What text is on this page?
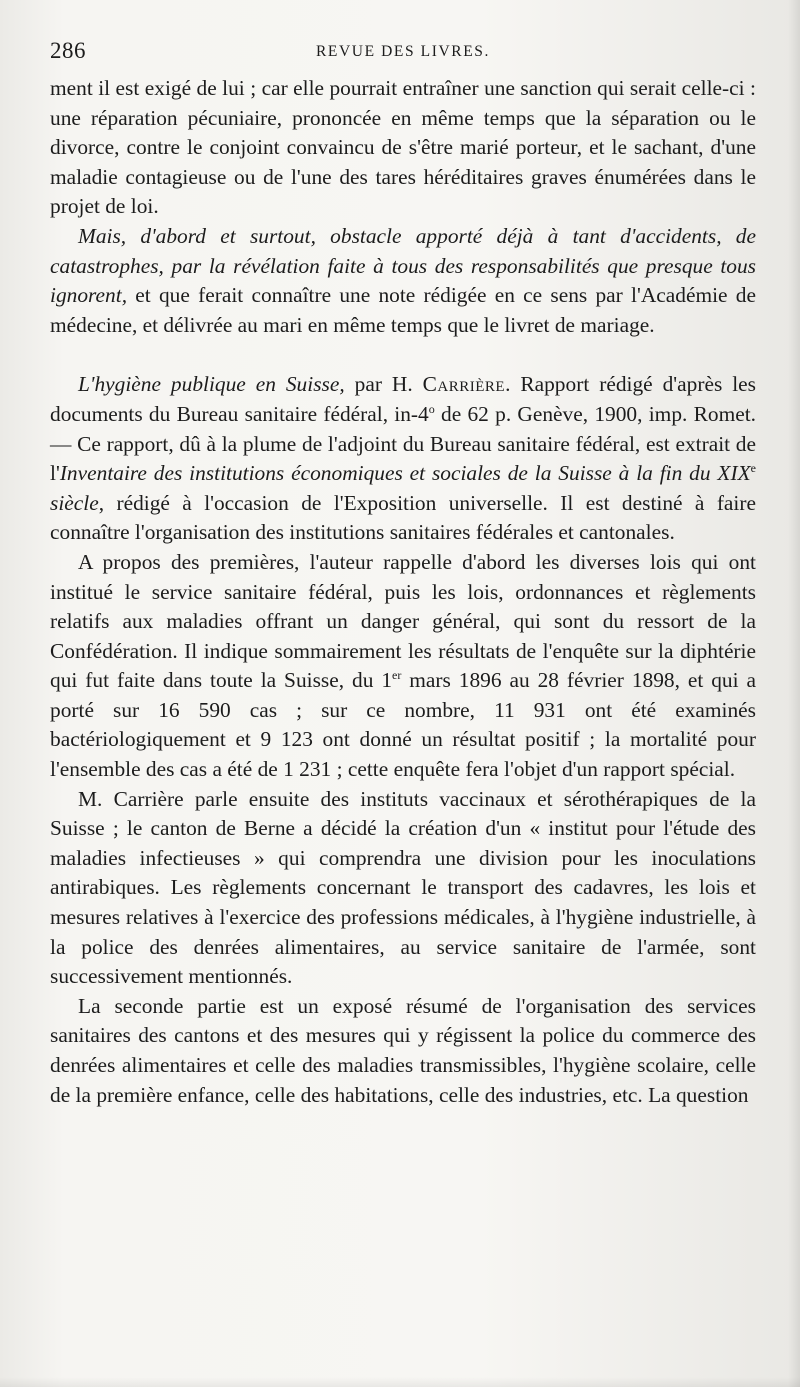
286	REVUE DES LIVRES.

ment il est exigé de lui ; car elle pourrait entraîner une sanction qui serait celle-ci : une réparation pécuniaire, prononcée en même temps que la séparation ou le divorce, contre le conjoint convaincu de s'être marié porteur, et le sachant, d'une maladie contagieuse ou de l'une des tares héréditaires graves énumérées dans le projet de loi.

Mais, d'abord et surtout, obstacle apporté déjà à tant d'accidents, de catastrophes, par la révélation faite à tous des responsabilités que presque tous ignorent, et que ferait connaître une note rédigée en ce sens par l'Académie de médecine, et délivrée au mari en même temps que le livret de mariage.

L'hygiène publique en Suisse, par H. Carrière. Rapport rédigé d'après les documents du Bureau sanitaire fédéral, in-4$^o$ de 62 p. Genève, 1900, imp. Romet. — Ce rapport, dû à la plume de l'adjoint du Bureau sanitaire fédéral, est extrait de l'Inventaire des institutions économiques et sociales de la Suisse à la fin du XIXe siècle, rédigé à l'occasion de l'Exposition universelle. Il est destiné à faire connaître l'organisation des institutions sanitaires fédérales et cantonales.

A propos des premières, l'auteur rappelle d'abord les diverses lois qui ont institué le service sanitaire fédéral, puis les lois, ordonnances et règlements relatifs aux maladies offrant un danger général, qui sont du ressort de la Confédération. Il indique sommairement les résultats de l'enquête sur la diphtérie qui fut faite dans toute la Suisse, du 1er mars 1896 au 28 février 1898, et qui a porté sur 16 590 cas ; sur ce nombre, 11 931 ont été examinés bactériologiquement et 9 123 ont donné un résultat positif ; la mortalité pour l'ensemble des cas a été de 1 231 ; cette enquête fera l'objet d'un rapport spécial.

M. Carrière parle ensuite des instituts vaccinaux et sérothérapiques de la Suisse ; le canton de Berne a décidé la création d'un « institut pour l'étude des maladies infectieuses » qui comprendra une division pour les inoculations antirabiques. Les règlements concernant le transport des cadavres, les lois et mesures relatives à l'exercice des professions médicales, à l'hygiène industrielle, à la police des denrées alimentaires, au service sanitaire de l'armée, sont successivement mentionnés.

La seconde partie est un exposé résumé de l'organisation des services sanitaires des cantons et des mesures qui y régissent la police du commerce des denrées alimentaires et celle des maladies transmissibles, l'hygiène scolaire, celle de la première enfance, celle des habitations, celle des industries, etc. La question
